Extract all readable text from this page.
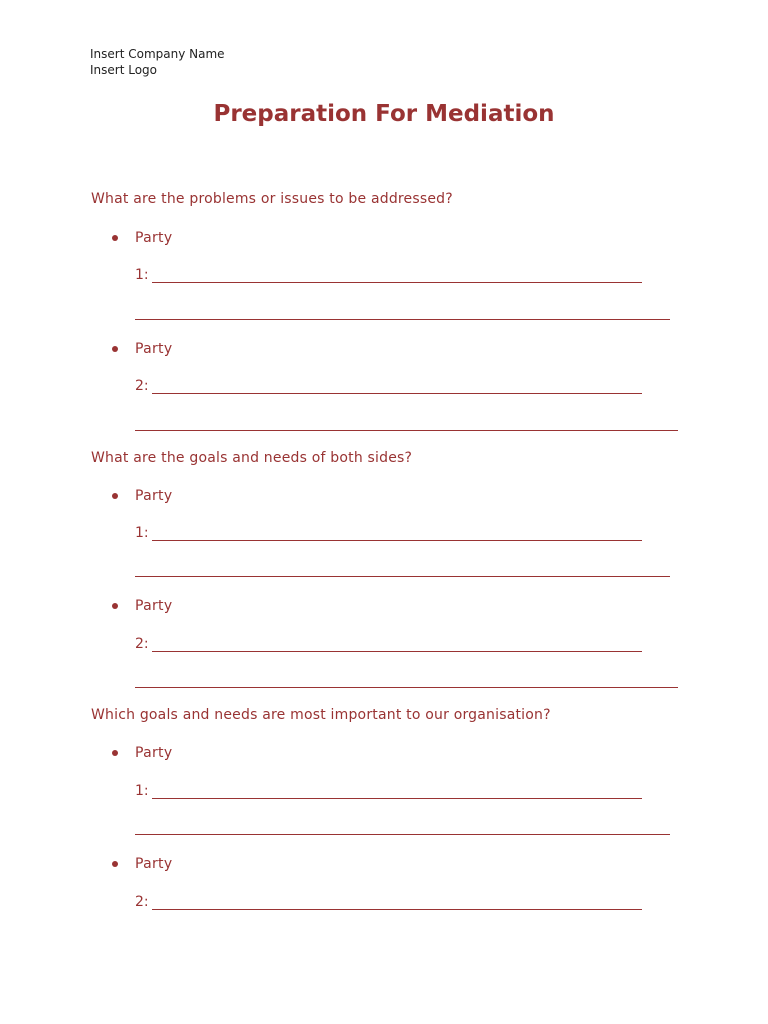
Insert Company Name
Insert Logo
Preparation For Mediation
What are the problems or issues to be addressed?
Party
1:
Party
2:
What are the goals and needs of both sides?
Party
1:
Party
2:
Which goals and needs are most important to our organisation?
Party
1:
Party
2:
